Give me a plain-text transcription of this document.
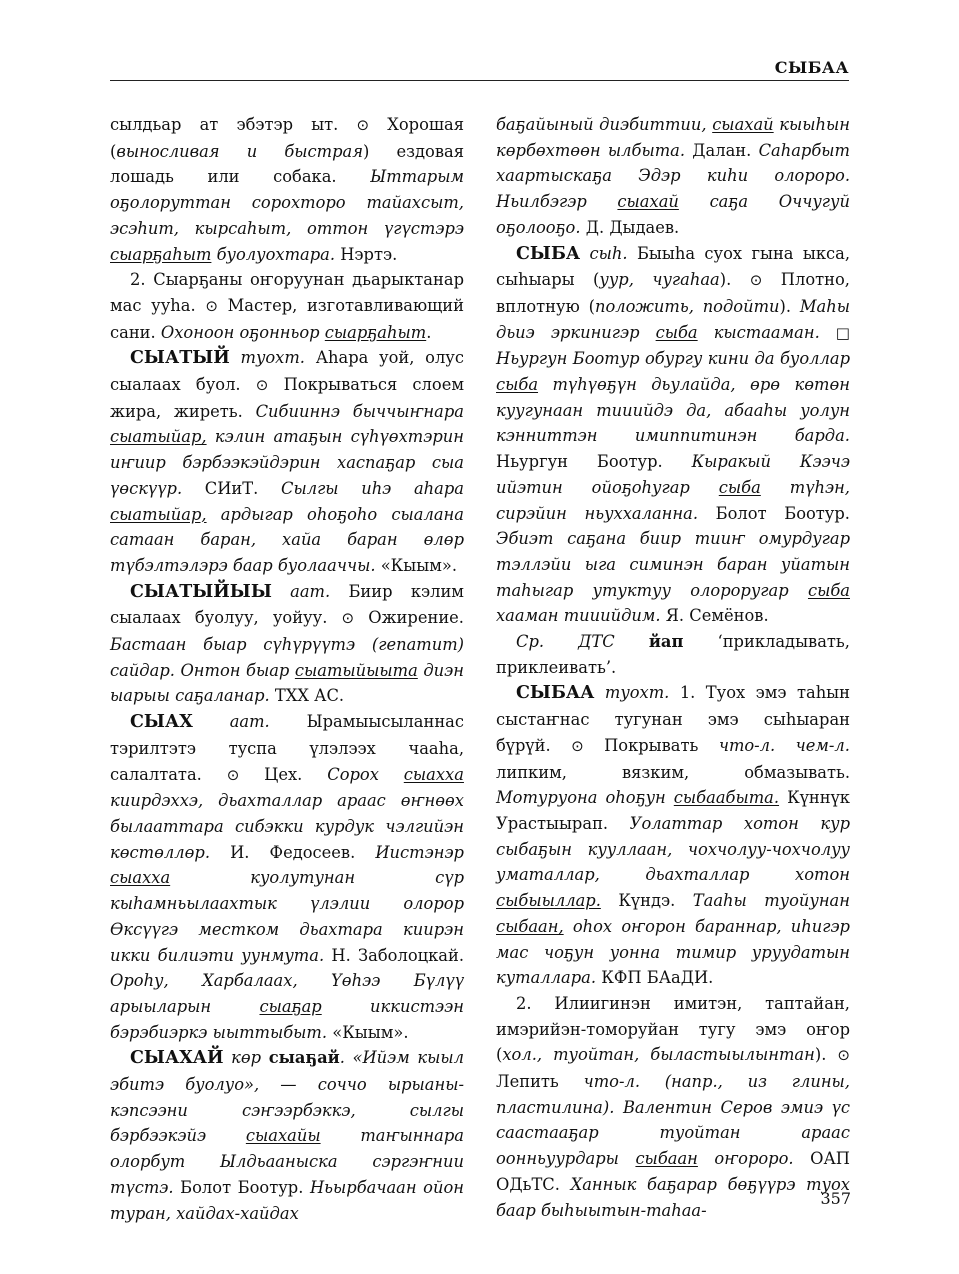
СЫБАА

сылдьар ат эбэтэр ыт. ⊙ Хорошая (выносливая и быстрая) ездовая лошадь или собака. Ыттарым оҕолоруттан сорохторо тайахсыт, эсэһит, кырсаһыт, оттон үгүстэрэ сыарҕаһыт буолуохтара. Нэртэ.

2. Сыарҕаны оҥоруунан дьарыктанар мас ууһа. ⊙ Мастер, изготавливающий сани. Охоноон оҕонньор сыарҕаһыт.

СЫАТЫЙ туохт. Аһара уой, олус сыалаах буол. ⊙ Покрываться слоем жира, жиреть. Сибииннэ быччыҥнара сыатыйар, кэлин атаҕын сүһүөхтэрин иҥиир бэрбээкэйдэрин хаспаҕар сыа үөскүүр. СИиТ. Сылгы иһэ аһара сыатыйар, ардыгар оһоҕоһо сыалана сатаан баран, хайа баран өлөр түбэлтэлэрэ баар буолааччы. «Кыым».

СЫАТЫЙЫЫ аат. Биир кэлим сыалаах буолуу, уойуу. ⊙ Ожирение. Бастаан быар сүһүрүүтэ (гепатит) сайдар. Онтон быар сыатыйыыта диэн ыарыы саҕаланар. ТХХ АС.

СЫАХ аат. Ырамыысыланнас тэрилтэтэ туспа үлэлээх чааһа, салалтата. ⊙ Цех. Сорох сыаххa киирдэххэ, дьахталлар араас өҥнөөх былааттара сибэкки курдук чэлгийэн көстөллөр. И. Федосеев. Иистэнэр сыаххa	куолутунан сүр кыһамньылаахтык үлэлии олорор Өксүүгэ местком дьахтара киирэн икки билиэти уунмута. Н. Заболоцкай. Ороһу, Харбалаах, Үөһээ Бүлүү арыыларын	сыаҕар	иккистээн бэрэбиэркэ ыыттыбыт. «Кыым».

СЫАХАЙ көр сыаҕай. «Ийэм кыыл эбитэ буолуо», — соччо ырыаны-кэпсээни сэҥээрбэккэ, сылгы бэрбээкэйэ сыахайы таҥыннара олорбут Ылдьааныска сэргэҥнии түстэ. Болот Боотур. Ньырбачаан ойон туран, хайдах-хайдах

баҕайыный диэбиттии, сыахай кыыһын көрбөхтөөн ылбыта. Далан. Саһарбыт хаартыскаҕа Эдэр киһи олороро. Ньилбэгэр сыахай саҕа Оччугуй оҕолооҕо. Д. Дыдаев.

СЫБА сыһ. Быыһа суох гына ыкса, сыһыары (уур, чугаһаа). ⊙ Плотно, вплотную (положить, подойти). Маһы дьиэ эркинигэр сыба кыстааман. □ Ньургун Боотур обургу кини да буоллар сыба түһүөҕүн дьулайда, өрө көтөн куугунаан тииийдэ да, абааһы уолун кэнниттэн имиппитинэн барда. Ньургун Боотур. Кыракый Кээчэ ийэтин ойоҕоһугар сыба түһэн, сирэйин ньуххаланна. Болот Боотур. Эбиэт саҕана биир тииҥ омурдугар тэллэйи ыга симинэн баран уйатын таһыгар утуктуу олороругар сыба хааман тииийдим. Я. Семёнов.

Ср. ДТС йап ‘прикладывать, приклеивать’.

СЫБАА туохт. 1. Туох эмэ таһын сыстаҥнас тугунан эмэ сыһыаран бүрүй. ⊙ Покрывать что-л. чем-л. липким, вязким, обмазывать. Мотуруона оһоҕун сыбаабыта. Күннүк Урастыырап. Уолаттар хотон кур сыбаҕын кууллаан, чохчолуу-чохчолуу уматаллар, дьахталлар хотон сыбыыллар. Күндэ. Тааһы туойунан сыбаан, оһох оҥорон бараннар, иһигэр мас чоҕун уонна тимир уруудатын куталлара. КФП БАаДИ.

2. Илиигинэн имитэн, таптайан, имэрийэн-томоруйан тугу эмэ оҥор (хол., туойтан, быластыылынтан). ⊙ Лепить что-л. (напр., из глины, пластилина). Валентин Серов эмиэ үс саастааҕар туойтан араас оонньуурдары сыбаан оҥороро. ОАП ОДьТС. Ханнык баҕарар бөҕүүрэ туох баар быһыытын-таһаа-

357
